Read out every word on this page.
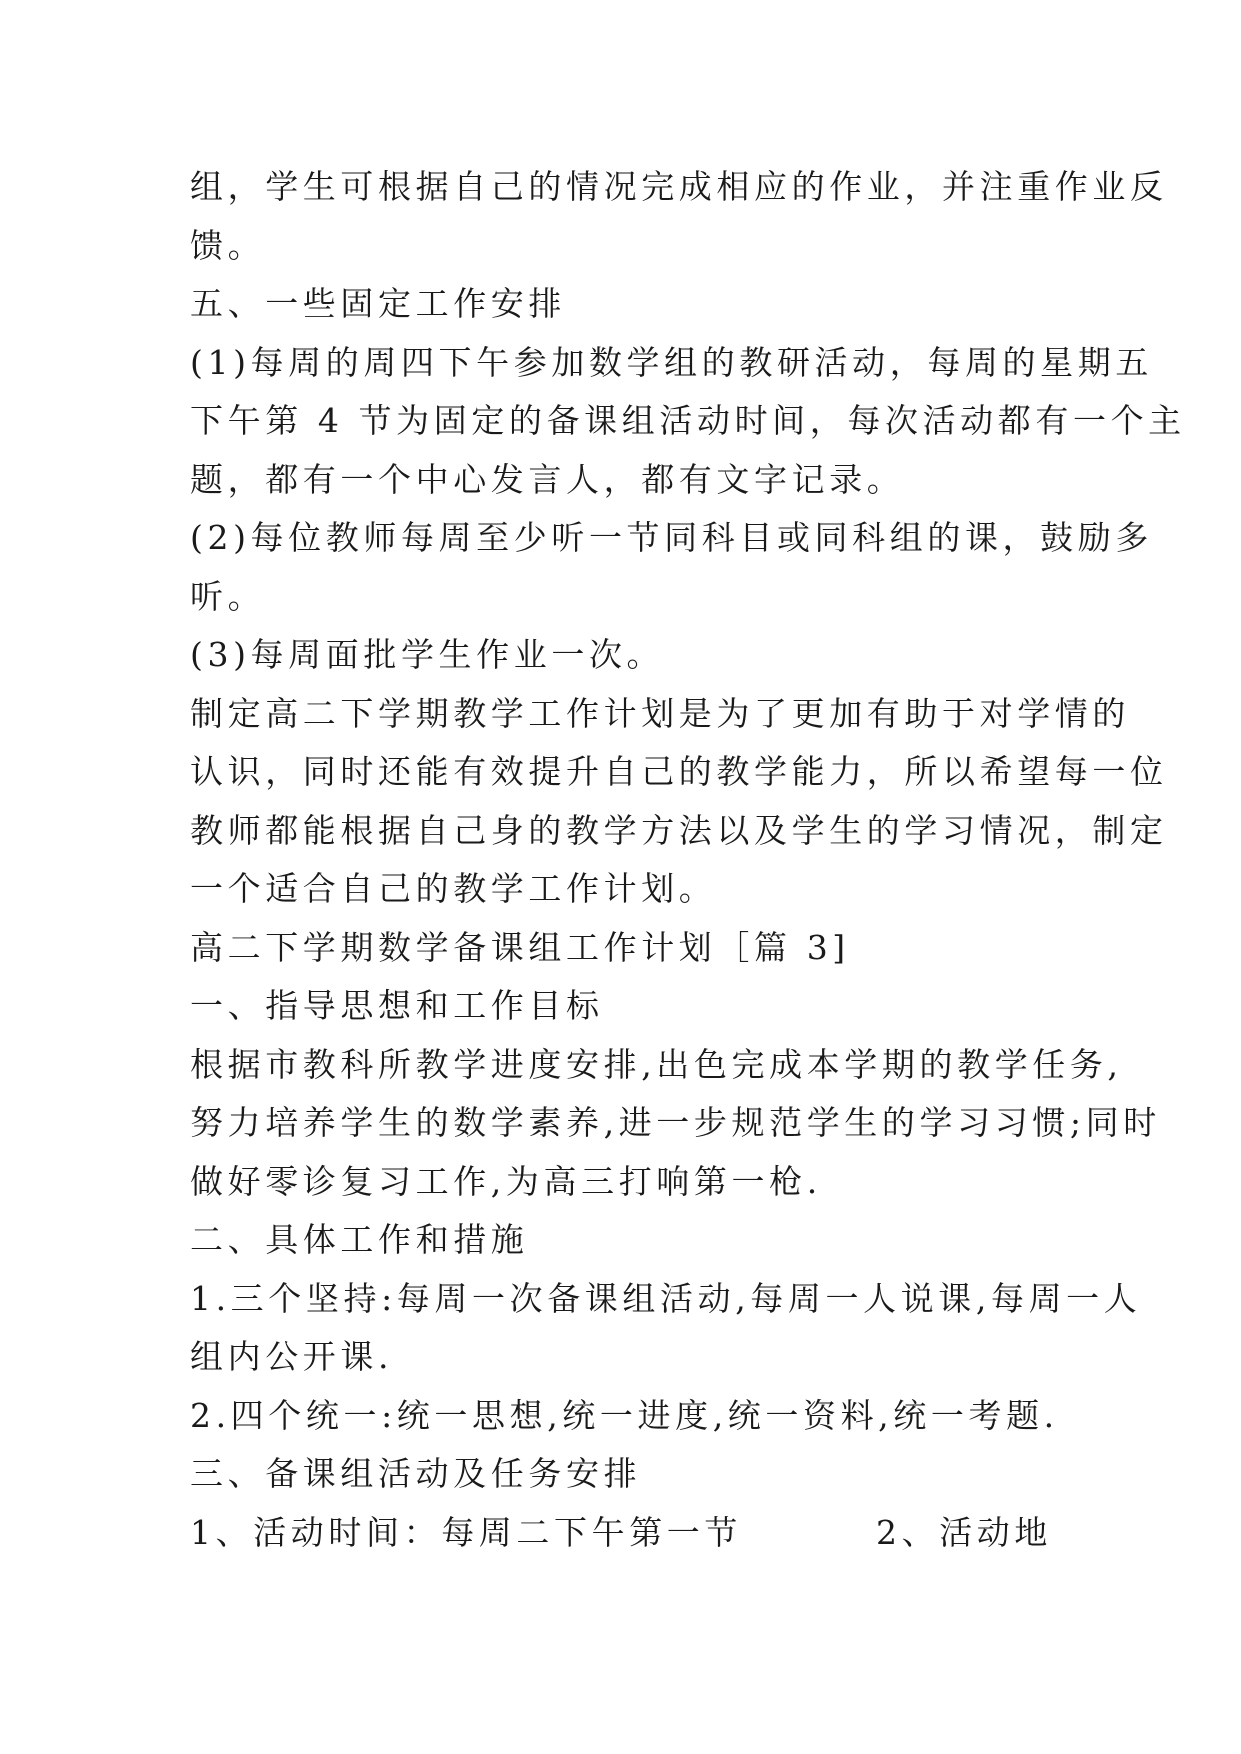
组，学生可根据自己的情况完成相应的作业，并注重作业反

馈。

五、一些固定工作安排

(1)每周的周四下午参加数学组的教研活动，每周的星期五

下午第 4 节为固定的备课组活动时间，每次活动都有一个主

题，都有一个中心发言人，都有文字记录。

(2)每位教师每周至少听一节同科目或同科组的课，鼓励多

听。

(3)每周面批学生作业一次。

制定高二下学期教学工作计划是为了更加有助于对学情的

认识，同时还能有效提升自己的教学能力，所以希望每一位

教师都能根据自己身的教学方法以及学生的学习情况，制定

一个适合自己的教学工作计划。

高二下学期数学备课组工作计划［篇 3]

一、指导思想和工作目标

根据市教科所教学进度安排,出色完成本学期的教学任务,

努力培养学生的数学素养,进一步规范学生的学习习惯;同时

做好零诊复习工作,为高三打响第一枪.

二、具体工作和措施

1.三个坚持:每周一次备课组活动,每周一人说课,每周一人

组内公开课.

2.四个统一:统一思想,统一进度,统一资料,统一考题.

三、备课组活动及任务安排

1、活动时间：每周二下午第一节	2、活动地
